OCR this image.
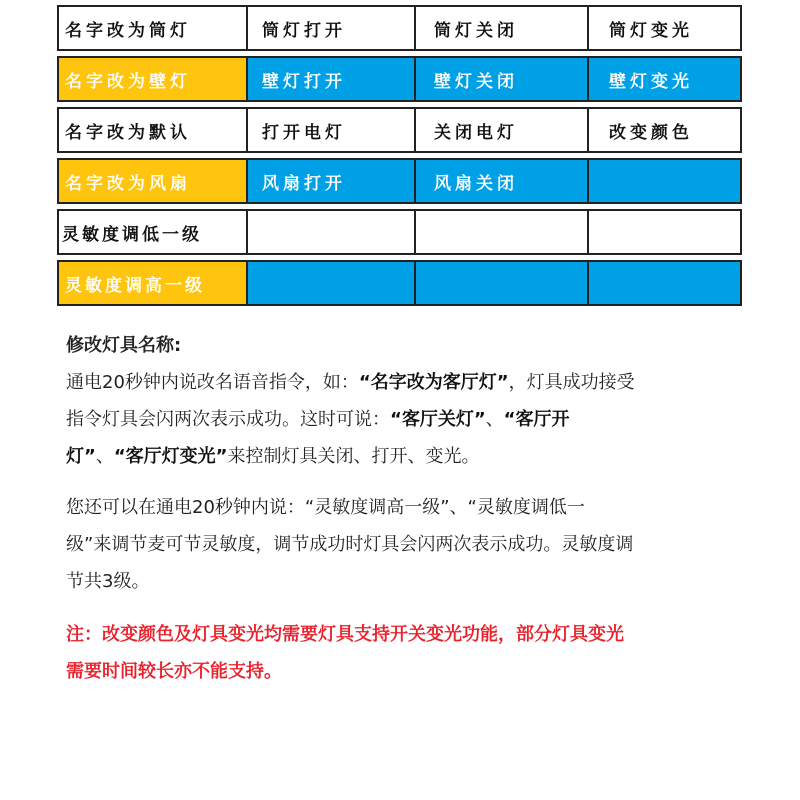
名字改为筒灯	筒灯打开	筒灯关闭	筒灯变光
名字改为壁灯	壁灯打开	壁灯关闭	壁灯变光
名字改为默认	打开电灯	关闭电灯	改变颜色
名字改为风扇	风扇打开	风扇关闭
灵敏度调低一级
灵敏度调高一级
修改灯具名称:
通电20秒钟内说改名语音指令，如：“名字改为客厅灯”，灯具成功接受
指令灯具会闪两次表示成功。这时可说：“客厅关灯”、“客厅开
灯”、“客厅灯变光”来控制灯具关闭、打开、变光。
您还可以在通电20秒钟内说：“灵敏度调高一级”、“灵敏度调低一
级”来调节麦可节灵敏度，调节成功时灯具会闪两次表示成功。灵敏度调
节共3级。
注：改变颜色及灯具变光均需要灯具支持开关变光功能，部分灯具变光
需要时间较长亦不能支持。
